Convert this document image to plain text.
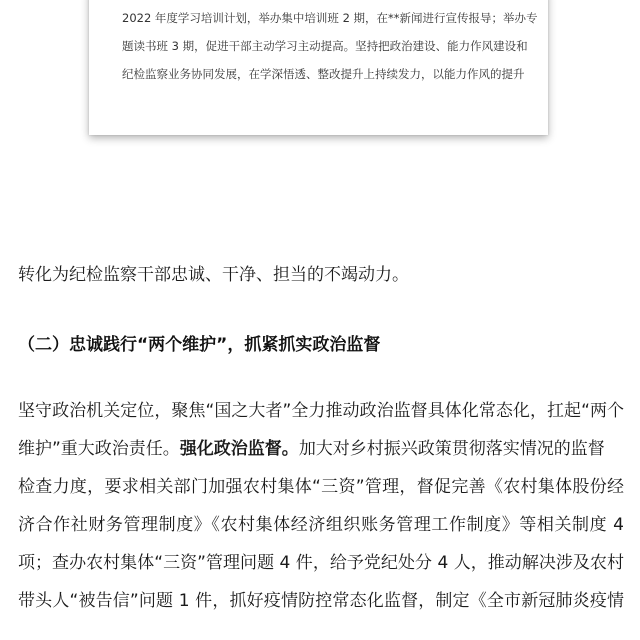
2022 年度学习培训计划，举办集中培训班 2 期，在**新闻进行宣传报导；举办专
题读书班 3 期，促进干部主动学习主动提高。坚持把政治建设、能力作风建设和
纪检监察业务协同发展，在学深悟透、整改提升上持续发力，以能力作风的提升
转化为纪检监察干部忠诚、干净、担当的不竭动力。
（二）忠诚践行“两个维护”，抓紧抓实政治监督
坚守政治机关定位，聚焦“国之大者”全力推动政治监督具体化常态化，扛起“两个
维护”重大政治责任。强化政治监督。加大对乡村振兴政策贯彻落实情况的监督
检查力度，要求相关部门加强农村集体“三资”管理，督促完善《农村集体股份经
济合作社财务管理制度》《农村集体经济组织账务管理工作制度》等相关制度 4
项；查办农村集体“三资”管理问题 4 件，给予党纪处分 4 人，推动解决涉及农村
带头人“被告信”问题 1 件，抓好疫情防控常态化监督，制定《全市新冠肺炎疫情
